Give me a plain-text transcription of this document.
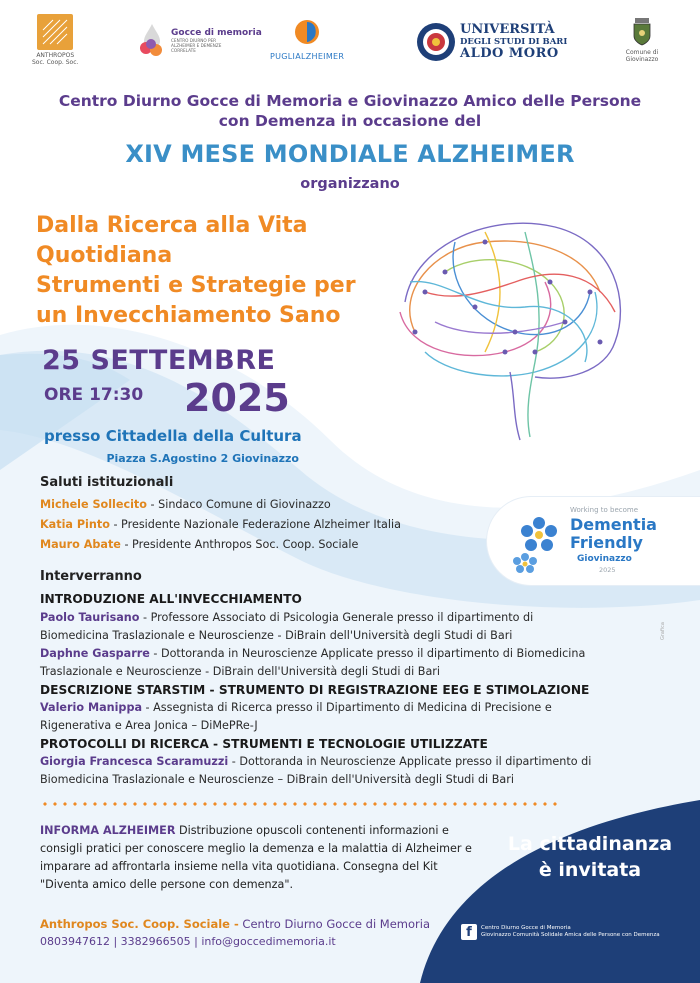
ANTHROPOS
Soc. Coop. Soc.
Gocce di memoria
CENTRO DIURNO PER ALZHEIMER E DEMENZE CORRELATE
PUGLIALZHEIMER
UNIVERSITÀ
DEGLI STUDI DI BARI
ALDO MORO	Comune di Giovinazzo
Centro Diurno Gocce di Memoria e Giovinazzo Amico delle Persone
con Demenza in occasione del
XIV MESE MONDIALE ALZHEIMER
organizzano
Dalla Ricerca alla Vita
Quotidiana
Strumenti e Strategie per
un Invecchiamento Sano
25 SETTEMBRE
ORE 17:30 2025
presso Cittadella della Cultura
Piazza S.Agostino 2 Giovinazzo
Saluti istituzionali
Michele Sollecito - Sindaco Comune di Giovinazzo
Katia Pinto - Presidente Nazionale Federazione Alzheimer Italia
Mauro Abate - Presidente Anthropos Soc. Coop. Sociale
Working to become
Dementia
Friendly
Giovinazzo
2025
Interverranno
INTRODUZIONE ALL'INVECCHIAMENTO
Paolo Taurisano - Professore Associato di Psicologia Generale presso il dipartimento di
Biomedicina Traslazionale e Neuroscienze - DiBrain dell'Università degli Studi di Bari
Daphne Gasparre - Dottoranda in Neuroscienze Applicate presso il dipartimento di Biomedicina
Traslazionale e Neuroscienze - DiBrain dell'Università degli Studi di Bari
DESCRIZIONE STARSTIM - STRUMENTO DI REGISTRAZIONE EEG E STIMOLAZIONE
Valerio Manippa - Assegnista di Ricerca presso il Dipartimento di Medicina di Precisione e
Rigenerativa e Area Jonica – DiMePRe-J
PROTOCOLLI DI RICERCA - STRUMENTI E TECNOLOGIE UTILIZZATE
Giorgia Francesca Scaramuzzi - Dottoranda in Neuroscienze Applicate presso il dipartimento di
Biomedicina Traslazionale e Neuroscienze – DiBrain dell'Università degli Studi di Bari
Grafica
INFORMA ALZHEIMER Distribuzione opuscoli contenenti informazioni e consigli pratici per conoscere meglio la demenza e la malattia di Alzheimer e imparare ad affrontarla insieme nella vita quotidiana. Consegna del Kit "Diventa amico delle persone con demenza".
Anthropos Soc. Coop. Sociale - Centro Diurno Gocce di Memoria
0803947612 | 3382966505 | info@goccedimemoria.it
La cittadinanza
è invitata
f	Centro Diurno Gocce di Memoria
Giovinazzo Comunità Solidale Amica delle Persone con Demenza
